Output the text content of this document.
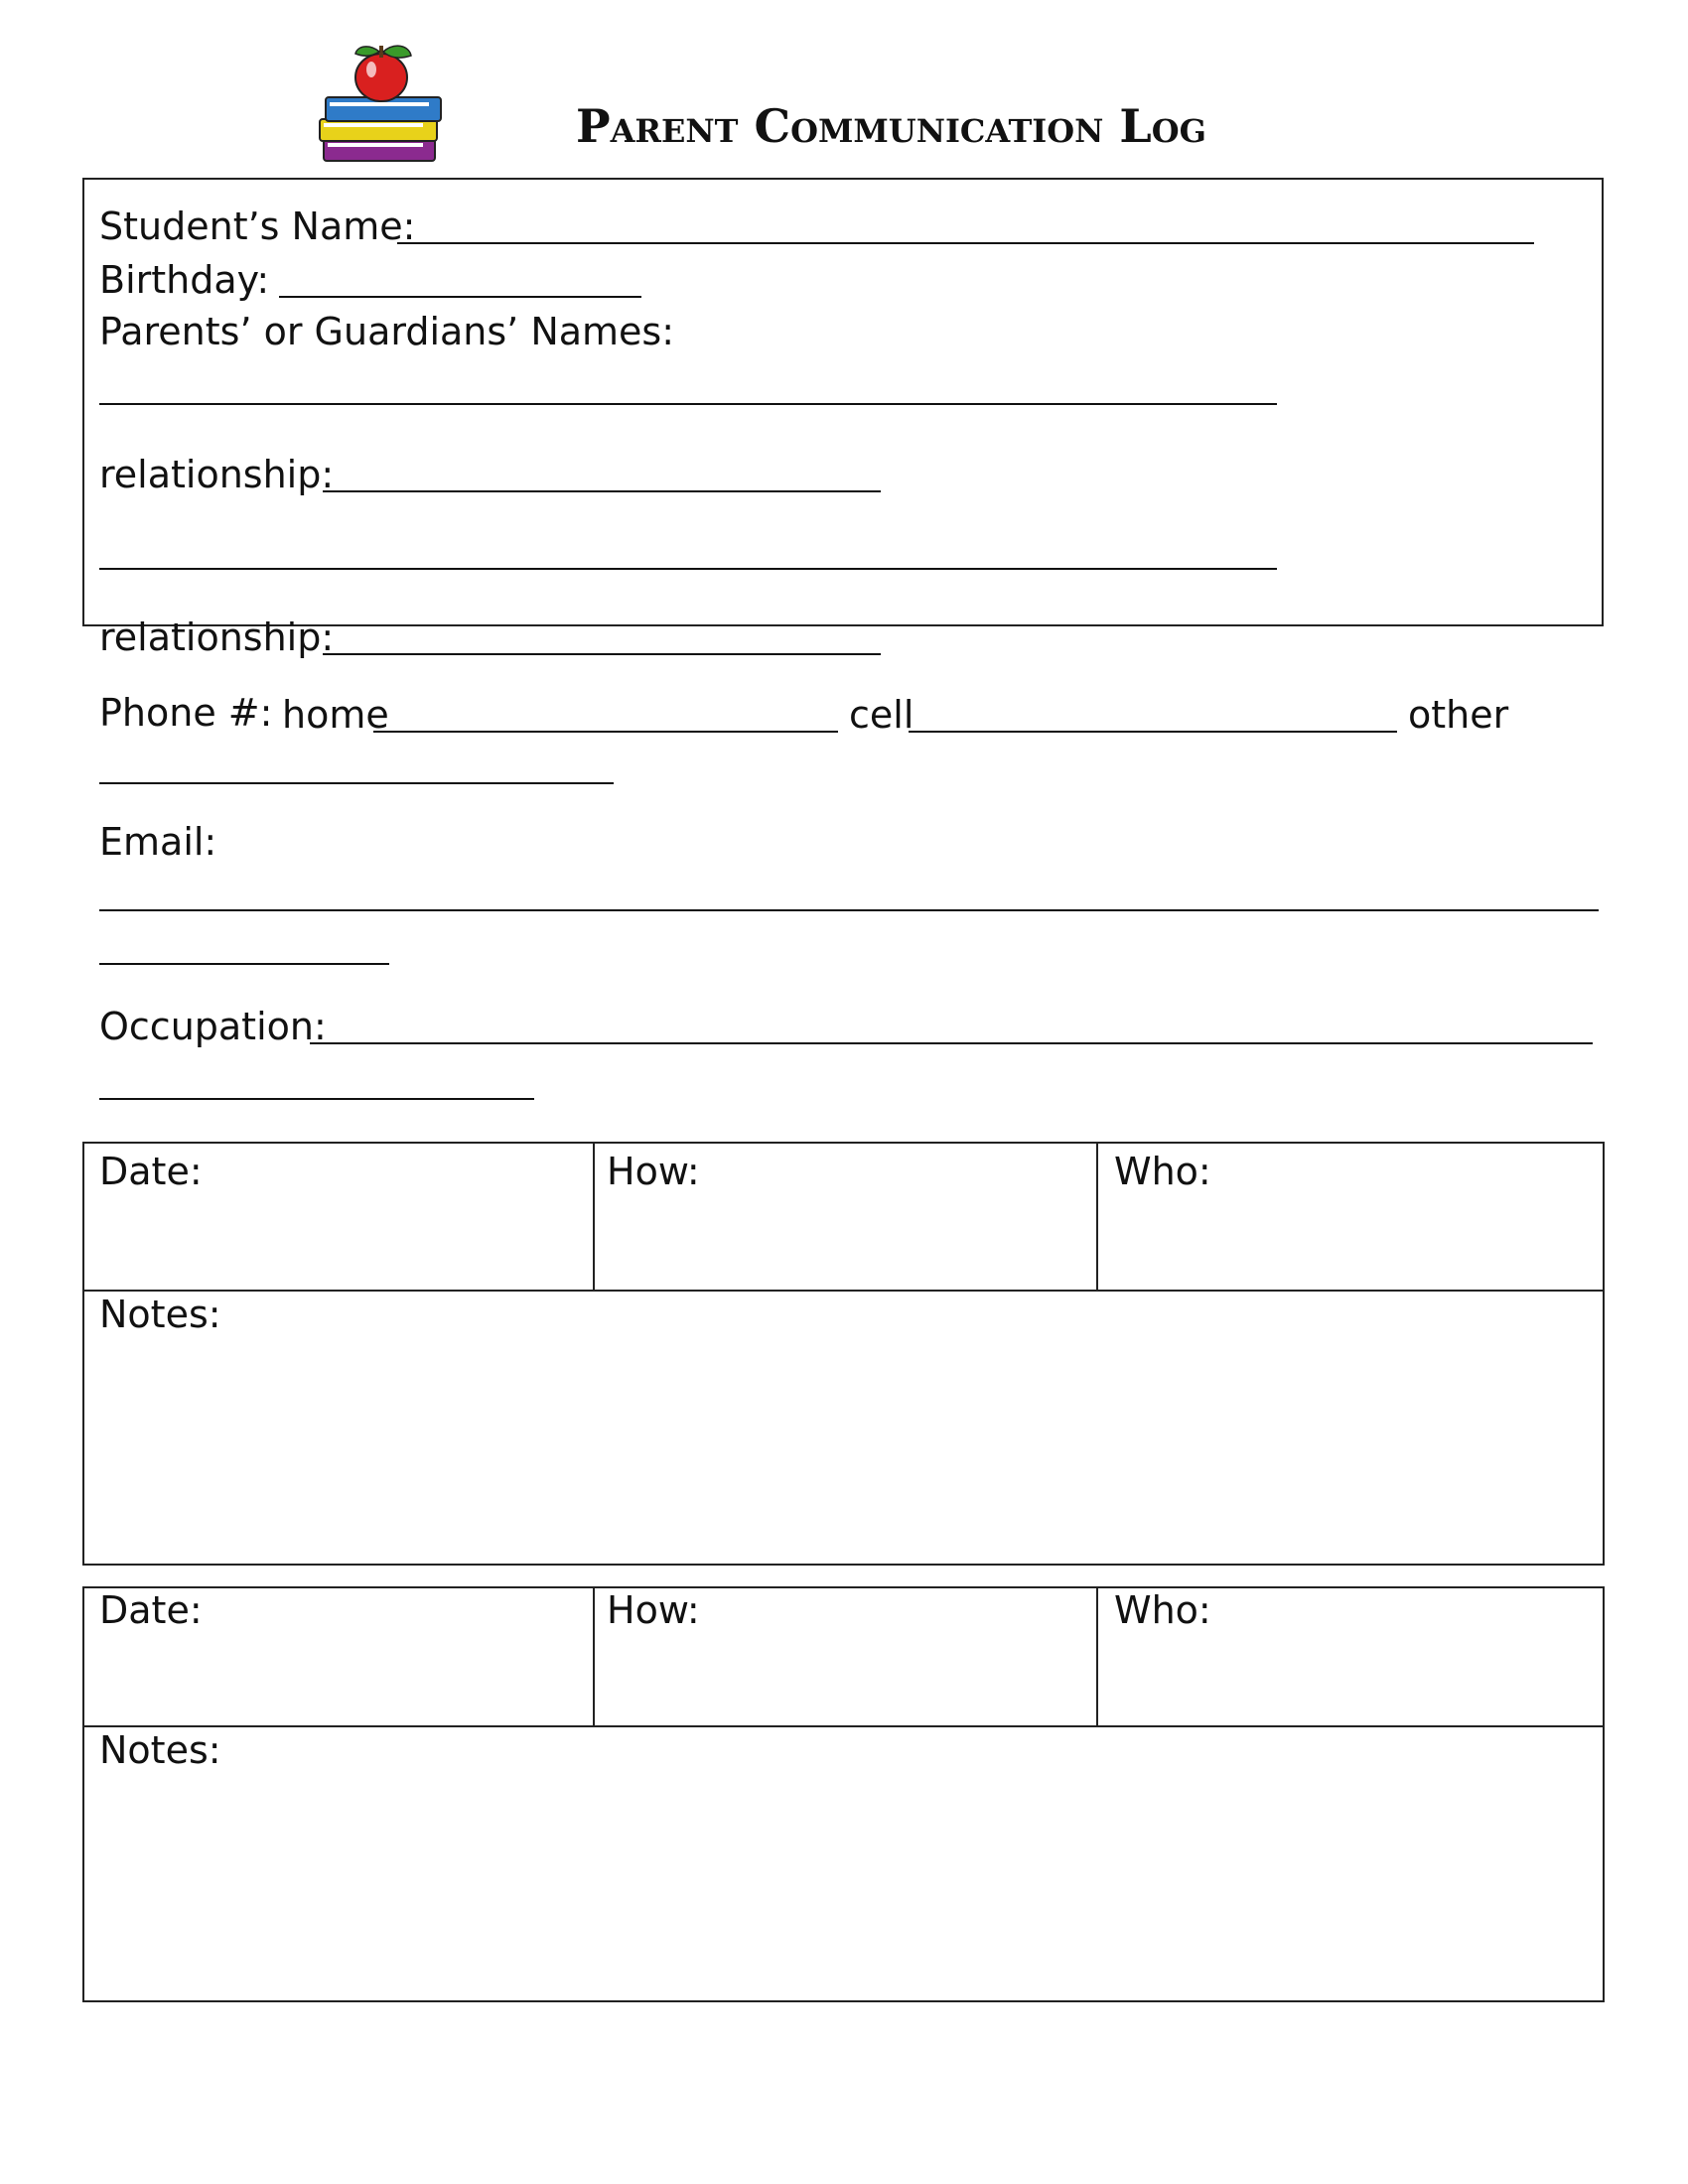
Parent Communication Log
Student’s Name:
Birthday:
Parents’ or Guardians’ Names:
relationship:
relationship:
Phone #: home	cell	other
Email:
Occupation:
Date:	How:	Who:
Notes:
Date:	How:	Who:
Notes:
